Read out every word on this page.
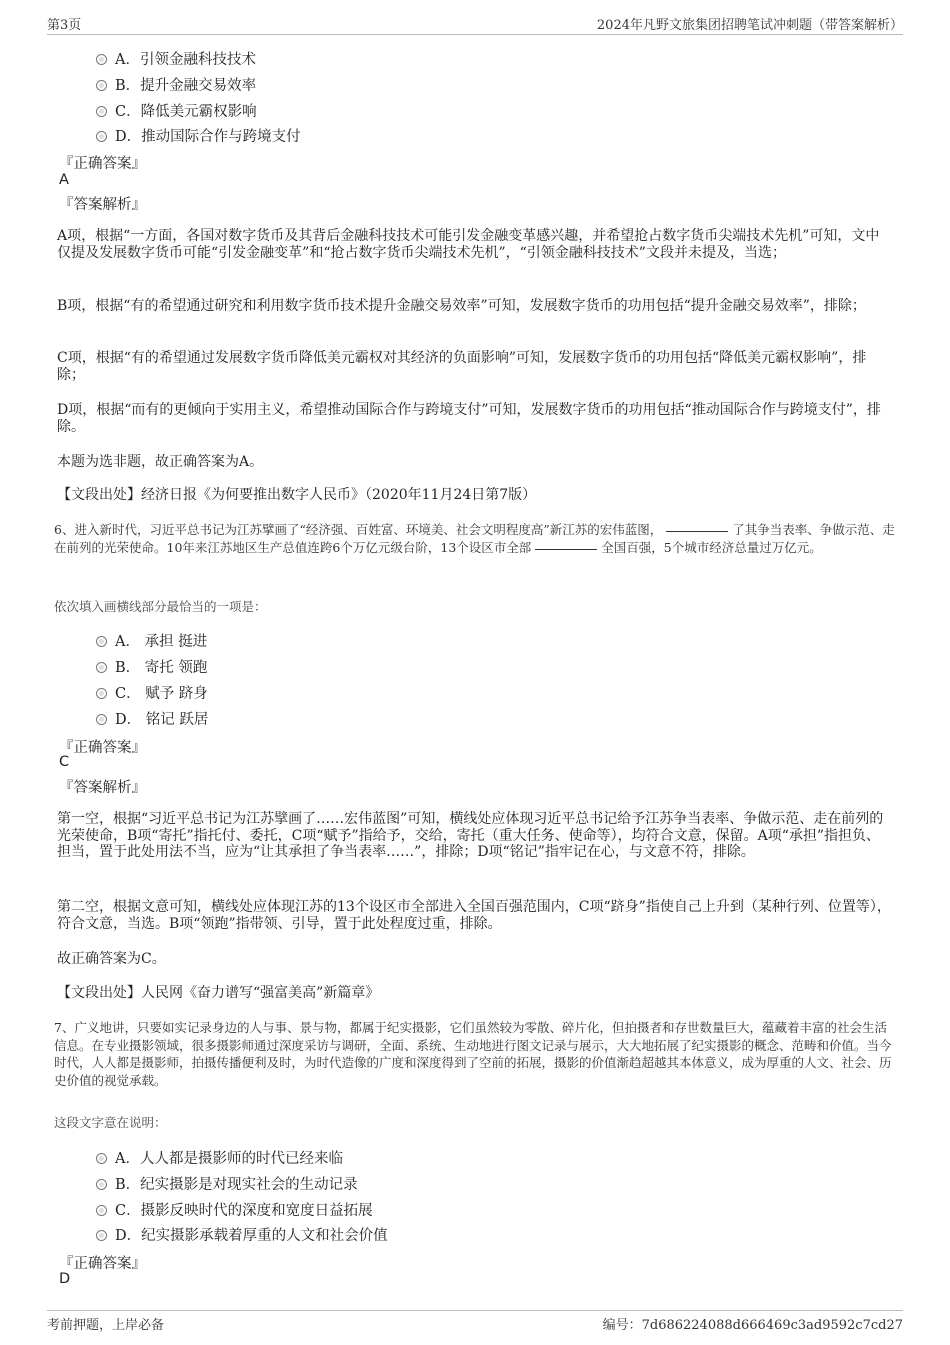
第3页	2024年凡野文旅集团招聘笔试冲刺题（带答案解析）
A．引领金融科技技术
B．提升金融交易效率
C．降低美元霸权影响
D．推动国际合作与跨境支付
『正确答案』
A
『答案解析』
A项，根据“一方面，各国对数字货币及其背后金融科技技术可能引发金融变革感兴趣，并希望抢占数字货币尖端技术先机”可知，文中仅提及发展数字货币可能“引发金融变革”和“抢占数字货币尖端技术先机”，“引领金融科技技术”文段并未提及，当选；
B项，根据“有的希望通过研究和利用数字货币技术提升金融交易效率”可知，发展数字货币的功用包括“提升金融交易效率”，排除；
C项，根据“有的希望通过发展数字货币降低美元霸权对其经济的负面影响”可知，发展数字货币的功用包括“降低美元霸权影响”，排除；
D项，根据“而有的更倾向于实用主义，希望推动国际合作与跨境支付”可知，发展数字货币的功用包括“推动国际合作与跨境支付”，排除。
本题为选非题，故正确答案为A。
【文段出处】经济日报《为何要推出数字人民币》（2020年11月24日第7版）
6、进入新时代，习近平总书记为江苏擘画了“经济强、百姓富、环境美、社会文明程度高”新江苏的宏伟蓝图，	了其争当表率、争做示范、走在前列的光荣使命。10年来江苏地区生产总值连跨6个万亿元级台阶，13个设区市全部	全国百强，5个城市经济总量过万亿元。
依次填入画横线部分最恰当的一项是：
A． 承担 挺进
B． 寄托 领跑
C． 赋予 跻身
D． 铭记 跃居
『正确答案』
C
『答案解析』
第一空，根据“习近平总书记为江苏擘画了……宏伟蓝图”可知，横线处应体现习近平总书记给予江苏争当表率、争做示范、走在前列的光荣使命，B项“寄托”指托付、委托，C项“赋予”指给予，交给，寄托（重大任务、使命等），均符合文意，保留。A项“承担”指担负、担当，置于此处用法不当，应为“让其承担了争当表率……”，排除；D项“铭记”指牢记在心，与文意不符，排除。
第二空，根据文意可知，横线处应体现江苏的13个设区市全部进入全国百强范围内，C项“跻身”指使自己上升到（某种行列、位置等），符合文意，当选。B项“领跑”指带领、引导，置于此处程度过重，排除。
故正确答案为C。
【文段出处】人民网《奋力谱写“强富美高”新篇章》
7、广义地讲，只要如实记录身边的人与事、景与物，都属于纪实摄影，它们虽然较为零散、碎片化，但拍摄者和存世数量巨大，蕴藏着丰富的社会生活信息。在专业摄影领域，很多摄影师通过深度采访与调研，全面、系统、生动地进行图文记录与展示，大大地拓展了纪实摄影的概念、范畴和价值。当今时代，人人都是摄影师，拍摄传播便利及时，为时代造像的广度和深度得到了空前的拓展，摄影的价值渐趋超越其本体意义，成为厚重的人文、社会、历史价值的视觉承载。
这段文字意在说明：
A．人人都是摄影师的时代已经来临
B．纪实摄影是对现实社会的生动记录
C．摄影反映时代的深度和宽度日益拓展
D．纪实摄影承载着厚重的人文和社会价值
『正确答案』
D
考前押题，上岸必备	编号：7d686224088d666469c3ad9592c7cd27
